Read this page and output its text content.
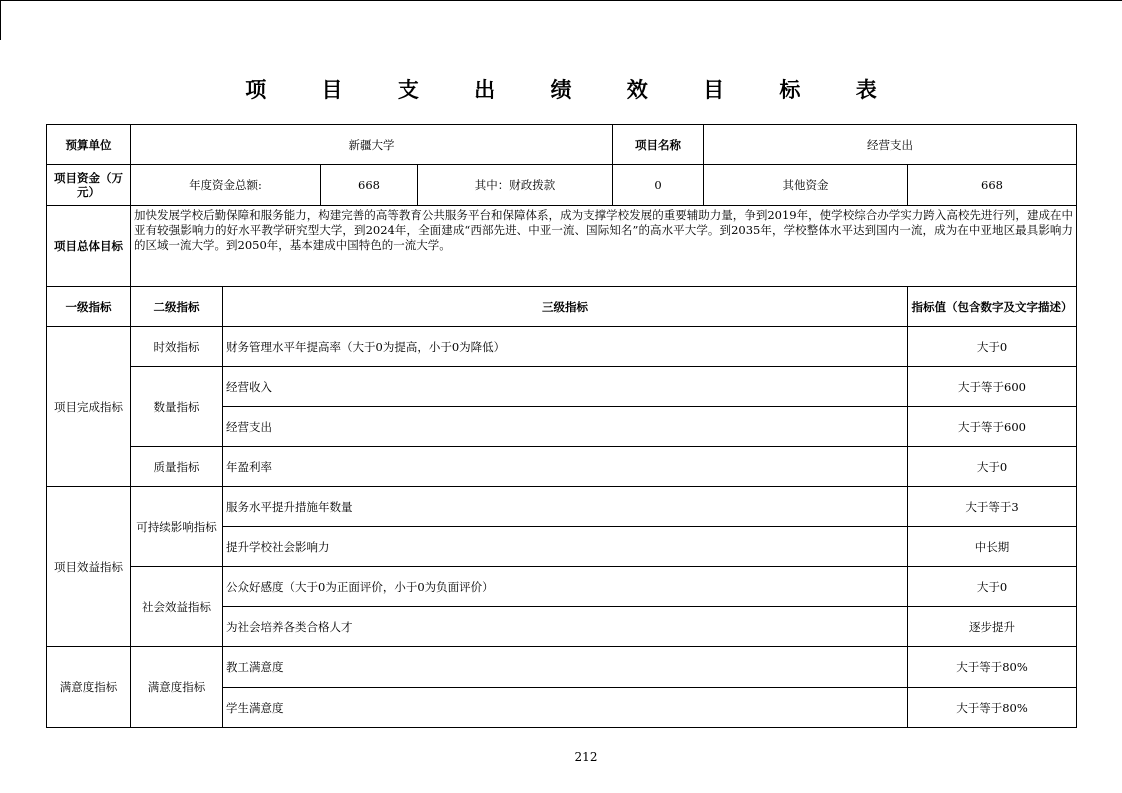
项 目 支 出 绩 效 目 标 表
预算单位	新疆大学				项目名称	经营支出	
项目资金（万元）	年度资金总额:		668	其中：财政拨款	0	其他资金	668
项目总体目标	加快发展学校后勤保障和服务能力，构建完善的高等教育公共服务平台和保障体系，成为支撑学校发展的重要辅助力量，争到2019年，使学校综合办学实力跨入高校先进行列，建成在中亚有较强影响力的好水平教学研究型大学，到2024年，全面建成“西部先进、中亚一流、国际知名”的高水平大学。到2035年，学校整体水平达到国内一流，成为在中亚地区最具影响力的区域一流大学。到2050年，基本建成中国特色的一流大学。						
一级指标	二级指标	三级指标					指标值（包含数字及文字描述）
项目完成指标	时效指标	财务管理水平年提高率（大于0为提高，小于0为降低）					大于0
	数量指标	经营收入					大于等于600
		经营支出					大于等于600
	质量指标	年盈利率					大于0
项目效益指标	可持续影响指标	服务水平提升措施年数量					大于等于3
		提升学校社会影响力					中长期
	社会效益指标	公众好感度（大于0为正面评价，小于0为负面评价）					大于0
		为社会培养各类合格人才					逐步提升
满意度指标	满意度指标	教工满意度					大于等于80%
		学生满意度					大于等于80%
212
